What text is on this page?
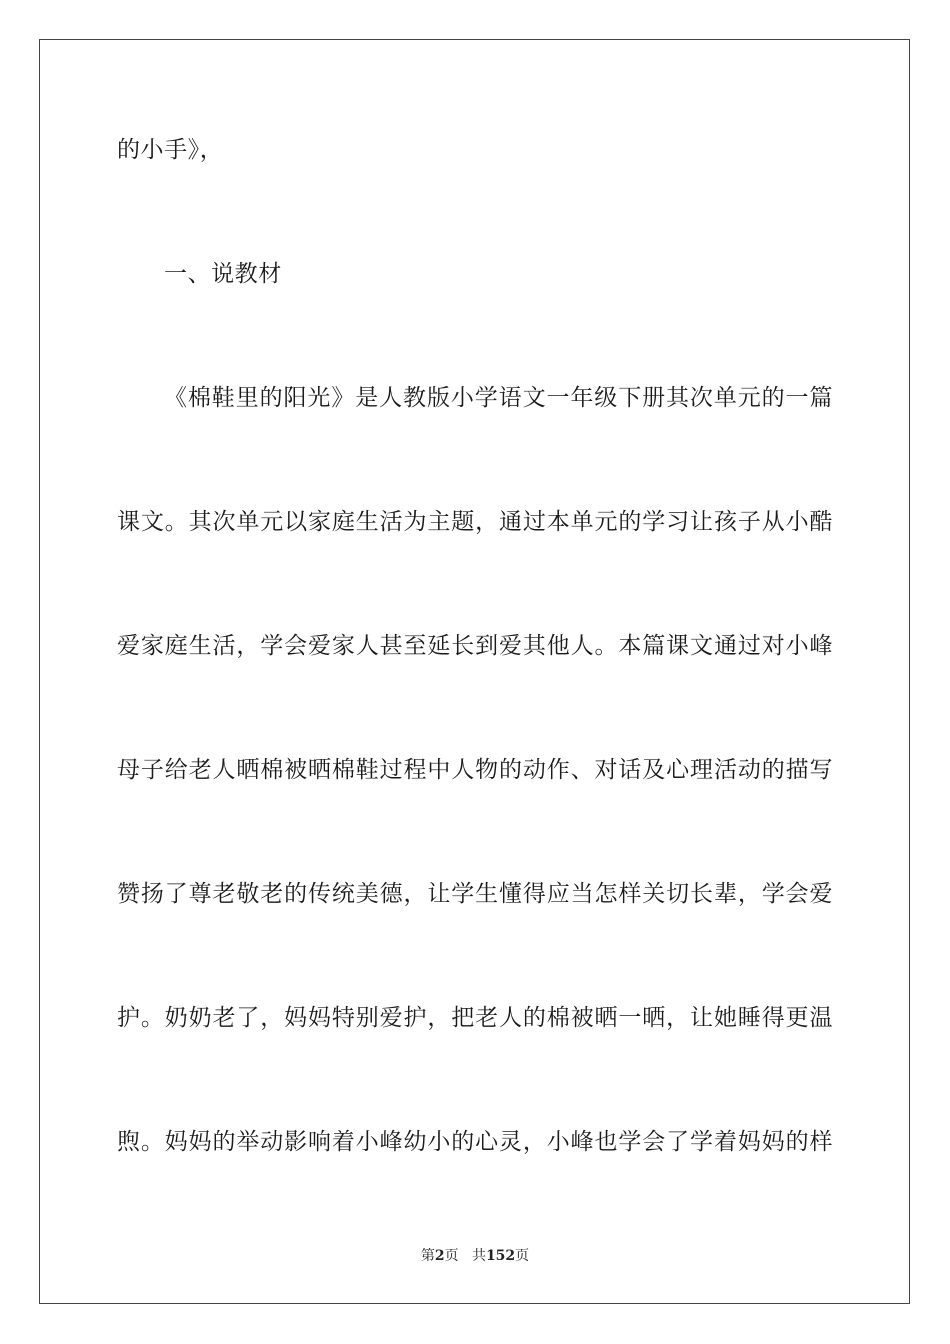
的小手》，
一、说教材
《棉鞋里的阳光》是人教版小学语文一年级下册其次单元的一篇
课文。其次单元以家庭生活为主题，通过本单元的学习让孩子从小酷
爱家庭生活，学会爱家人甚至延长到爱其他人。本篇课文通过对小峰
母子给老人晒棉被晒棉鞋过程中人物的动作、对话及心理活动的描写
赞扬了尊老敬老的传统美德，让学生懂得应当怎样关切长辈，学会爱
护。奶奶老了，妈妈特别爱护，把老人的棉被晒一晒，让她睡得更温
煦。妈妈的举动影响着小峰幼小的心灵，小峰也学会了学着妈妈的样
第2页 共152页
